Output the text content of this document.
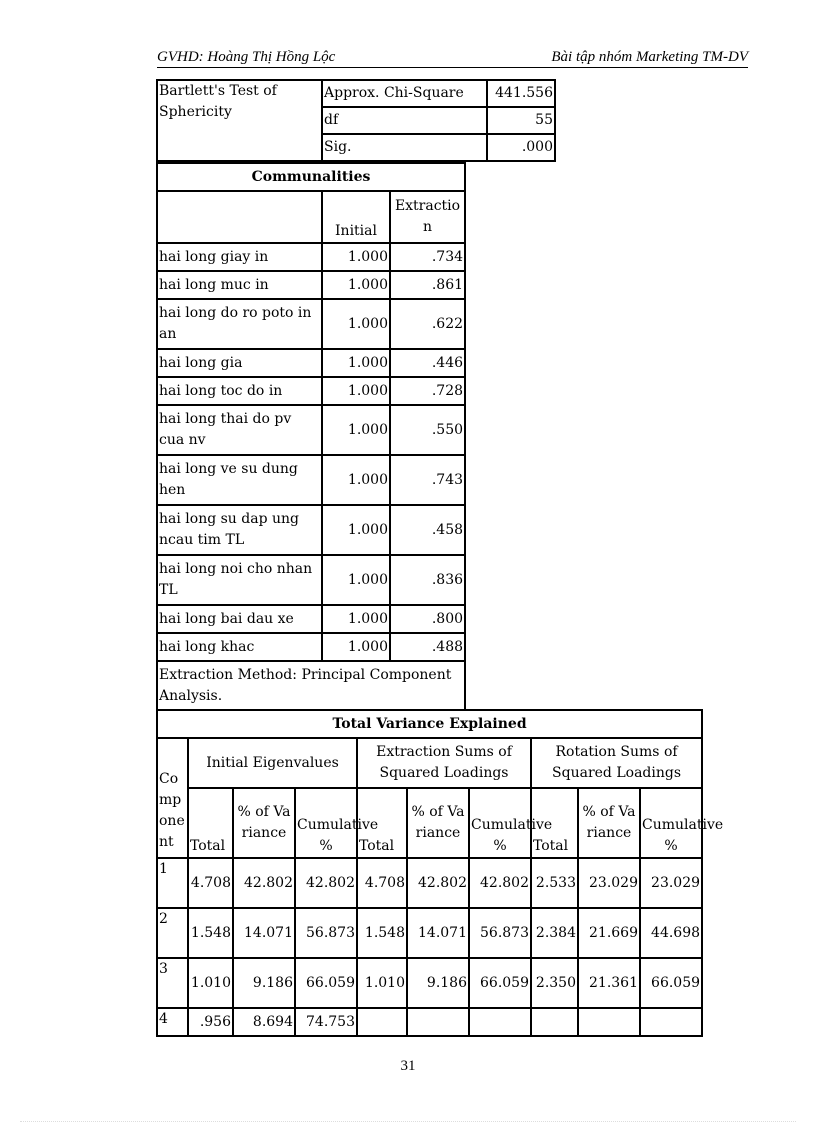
GVHD: Hoàng Thị Hồng Lộc	Bài tập nhóm Marketing TM-DV
Bartlett's Test of Sphericity	Approx. Chi-Square	441.556
	df	55
	Sig.	.000
Communalities		
	Initial	Extraction
hai long giay in	1.000	.734
hai long muc in	1.000	.861
hai long do ro poto in an	1.000	.622
hai long gia	1.000	.446
hai long toc do in	1.000	.728
hai long thai do pv cua nv	1.000	.550
hai long ve su dung hen	1.000	.743
hai long su dap ung ncau tim TL	1.000	.458
hai long noi cho nhan TL	1.000	.836
hai long bai dau xe	1.000	.800
hai long khac	1.000	.488
Extraction Method: Principal Component Analysis.		
Total Variance Explained									
Component	Initial Eigenvalues			Extraction Sums of Squared Loadings			Rotation Sums of Squared Loadings		
	Total	% of Variance	Cumulative %	Total	% of Variance	Cumulative %	Total	% of Variance	Cumulative %
1	4.708	42.802	42.802	4.708	42.802	42.802	2.533	23.029	23.029
2	1.548	14.071	56.873	1.548	14.071	56.873	2.384	21.669	44.698
3	1.010	9.186	66.059	1.010	9.186	66.059	2.350	21.361	66.059
4	.956	8.694	74.753						
31
